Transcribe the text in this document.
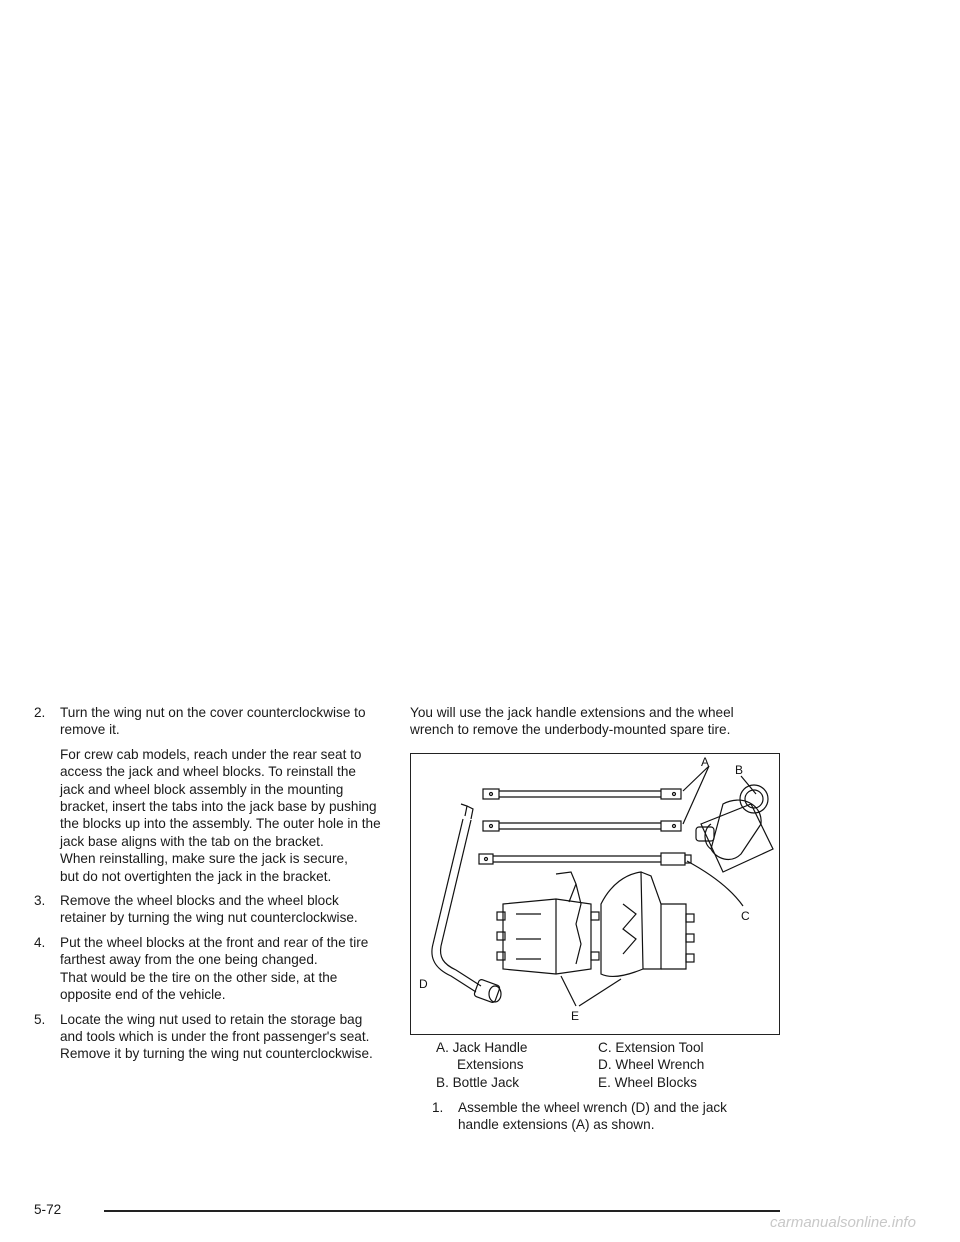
2. Turn the wing nut on the cover counterclockwise to
remove it.
For crew cab models, reach under the rear seat to
access the jack and wheel blocks. To reinstall the
jack and wheel block assembly in the mounting
bracket, insert the tabs into the jack base by pushing
the blocks up into the assembly. The outer hole in the
jack base aligns with the tab on the bracket.
When reinstalling, make sure the jack is secure,
but do not overtighten the jack in the bracket.
3. Remove the wheel blocks and the wheel block
retainer by turning the wing nut counterclockwise.
4. Put the wheel blocks at the front and rear of the tire
farthest away from the one being changed.
That would be the tire on the other side, at the
opposite end of the vehicle.
5. Locate the wing nut used to retain the storage bag
and tools which is under the front passenger's seat.
Remove it by turning the wing nut counterclockwise.
You will use the jack handle extensions and the wheel
wrench to remove the underbody-mounted spare tire.
A
B
C
D
E
A. Jack Handle	C. Extension Tool
Extensions	D. Wheel Wrench
B. Bottle Jack	E. Wheel Blocks
1. Assemble the wheel wrench (D) and the jack
handle extensions (A) as shown.
5-72
carmanualsonline.info
